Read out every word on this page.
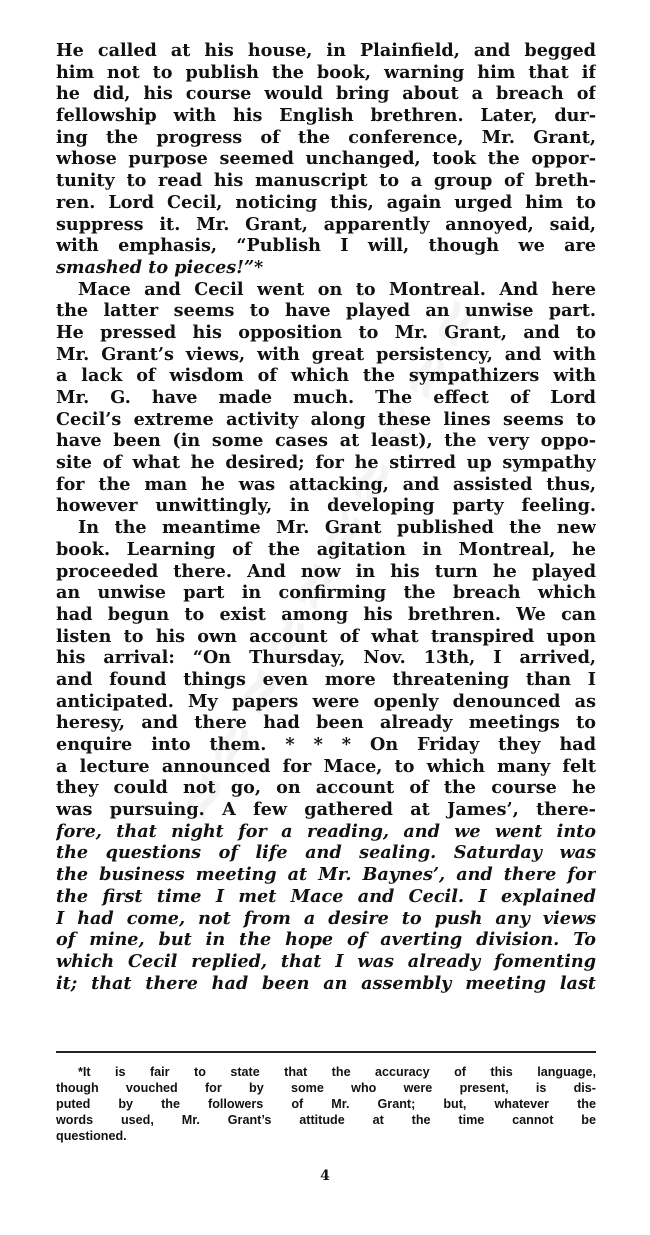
He called at his house, in Plainfield, and begged
him not to publish the book, warning him that if
he did, his course would bring about a breach of
fellowship with his English brethren. Later, dur-
ing the progress of the conference, Mr. Grant,
whose purpose seemed unchanged, took the oppor-
tunity to read his manuscript to a group of breth-
ren. Lord Cecil, noticing this, again urged him to
suppress it. Mr. Grant, apparently annoyed, said,
with emphasis, “Publish I will, though we are
smashed to pieces!”*
Mace and Cecil went on to Montreal. And here
the latter seems to have played an unwise part.
He pressed his opposition to Mr. Grant, and to
Mr. Grant’s views, with great persistency, and with
a lack of wisdom of which the sympathizers with
Mr. G. have made much. The effect of Lord
Cecil’s extreme activity along these lines seems to
have been (in some cases at least), the very oppo-
site of what he desired; for he stirred up sympathy
for the man he was attacking, and assisted thus,
however unwittingly, in developing party feeling.
In the meantime Mr. Grant published the new
book. Learning of the agitation in Montreal, he
proceeded there. And now in his turn he played
an unwise part in confirming the breach which
had begun to exist among his brethren. We can
listen to his own account of what transpired upon
his arrival: “On Thursday, Nov. 13th, I arrived,
and found things even more threatening than I
anticipated. My papers were openly denounced as
heresy, and there had been already meetings to
enquire into them. * * * On Friday they had
a lecture announced for Mace, to which many felt
they could not go, on account of the course he
was pursuing. A few gathered at James’, there-
fore, that night for a reading, and we went into
the questions of life and sealing. Saturday was
the business meeting at Mr. Baynes’, and there for
the first time I met Mace and Cecil. I explained
I had come, not from a desire to push any views
of mine, but in the hope of averting division. To
which Cecil replied, that I was already fomenting
it; that there had been an assembly meeting last
*It is fair to state that the accuracy of this language,
though vouched for by some who were present, is dis-
puted by the followers of Mr. Grant; but, whatever the
words used, Mr. Grant’s attitude at the time cannot be
questioned.
4
